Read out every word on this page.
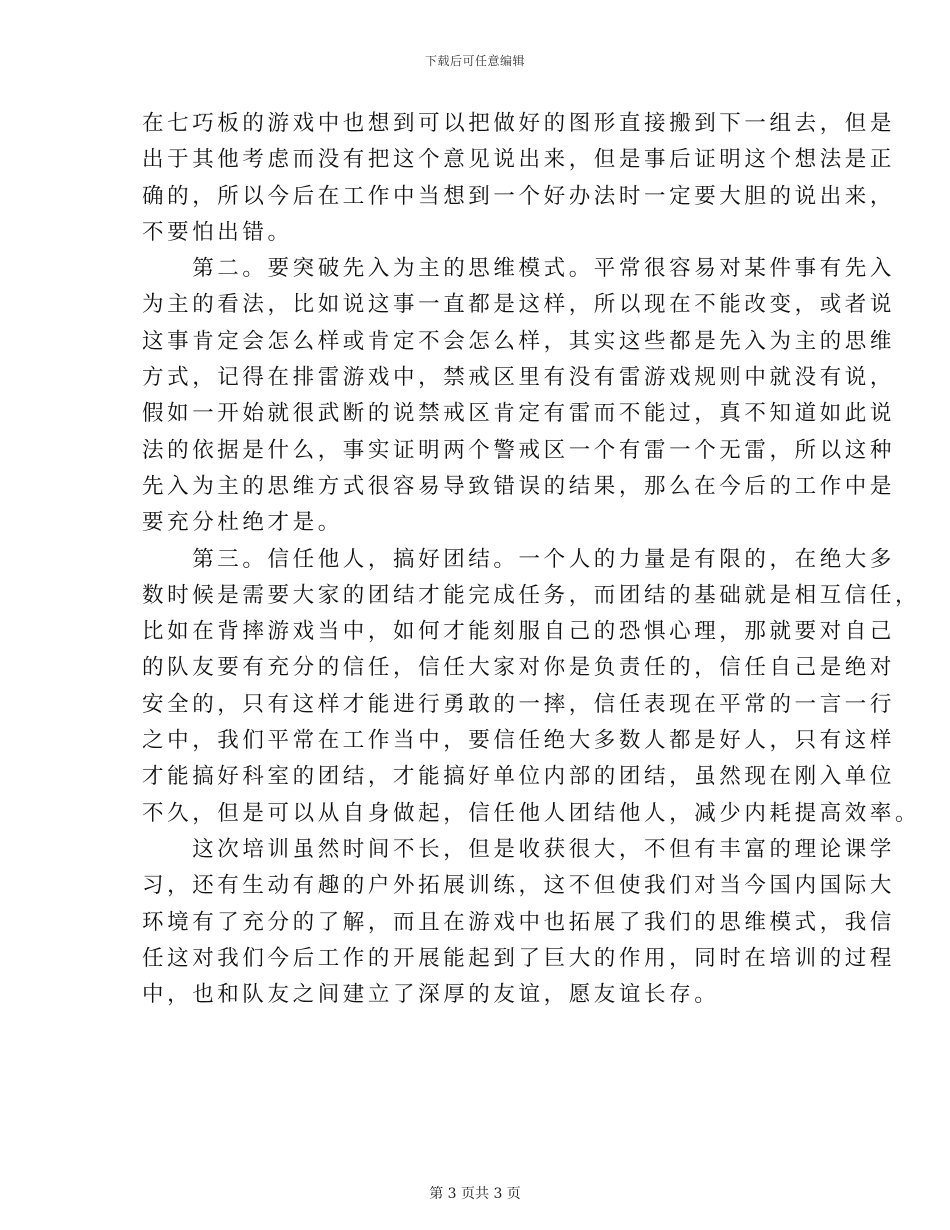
下载后可任意编辑
在七巧板的游戏中也想到可以把做好的图形直接搬到下一组去，但是
出于其他考虑而没有把这个意见说出来，但是事后证明这个想法是正
确的，所以今后在工作中当想到一个好办法时一定要大胆的说出来，
不要怕出错。
　　第二。要突破先入为主的思维模式。平常很容易对某件事有先入
为主的看法，比如说这事一直都是这样，所以现在不能改变，或者说
这事肯定会怎么样或肯定不会怎么样，其实这些都是先入为主的思维
方式，记得在排雷游戏中，禁戒区里有没有雷游戏规则中就没有说，
假如一开始就很武断的说禁戒区肯定有雷而不能过，真不知道如此说
法的依据是什么，事实证明两个警戒区一个有雷一个无雷，所以这种
先入为主的思维方式很容易导致错误的结果，那么在今后的工作中是
要充分杜绝才是。
　　第三。信任他人，搞好团结。一个人的力量是有限的，在绝大多
数时候是需要大家的团结才能完成任务，而团结的基础就是相互信任，
比如在背摔游戏当中，如何才能刻服自己的恐惧心理，那就要对自己
的队友要有充分的信任，信任大家对你是负责任的，信任自己是绝对
安全的，只有这样才能进行勇敢的一摔，信任表现在平常的一言一行
之中，我们平常在工作当中，要信任绝大多数人都是好人，只有这样
才能搞好科室的团结，才能搞好单位内部的团结，虽然现在刚入单位
不久，但是可以从自身做起，信任他人团结他人，减少内耗提高效率。
　　这次培训虽然时间不长，但是收获很大，不但有丰富的理论课学
习，还有生动有趣的户外拓展训练，这不但使我们对当今国内国际大
环境有了充分的了解，而且在游戏中也拓展了我们的思维模式，我信
任这对我们今后工作的开展能起到了巨大的作用，同时在培训的过程
中，也和队友之间建立了深厚的友谊，愿友谊长存。
第 3 页共 3 页
